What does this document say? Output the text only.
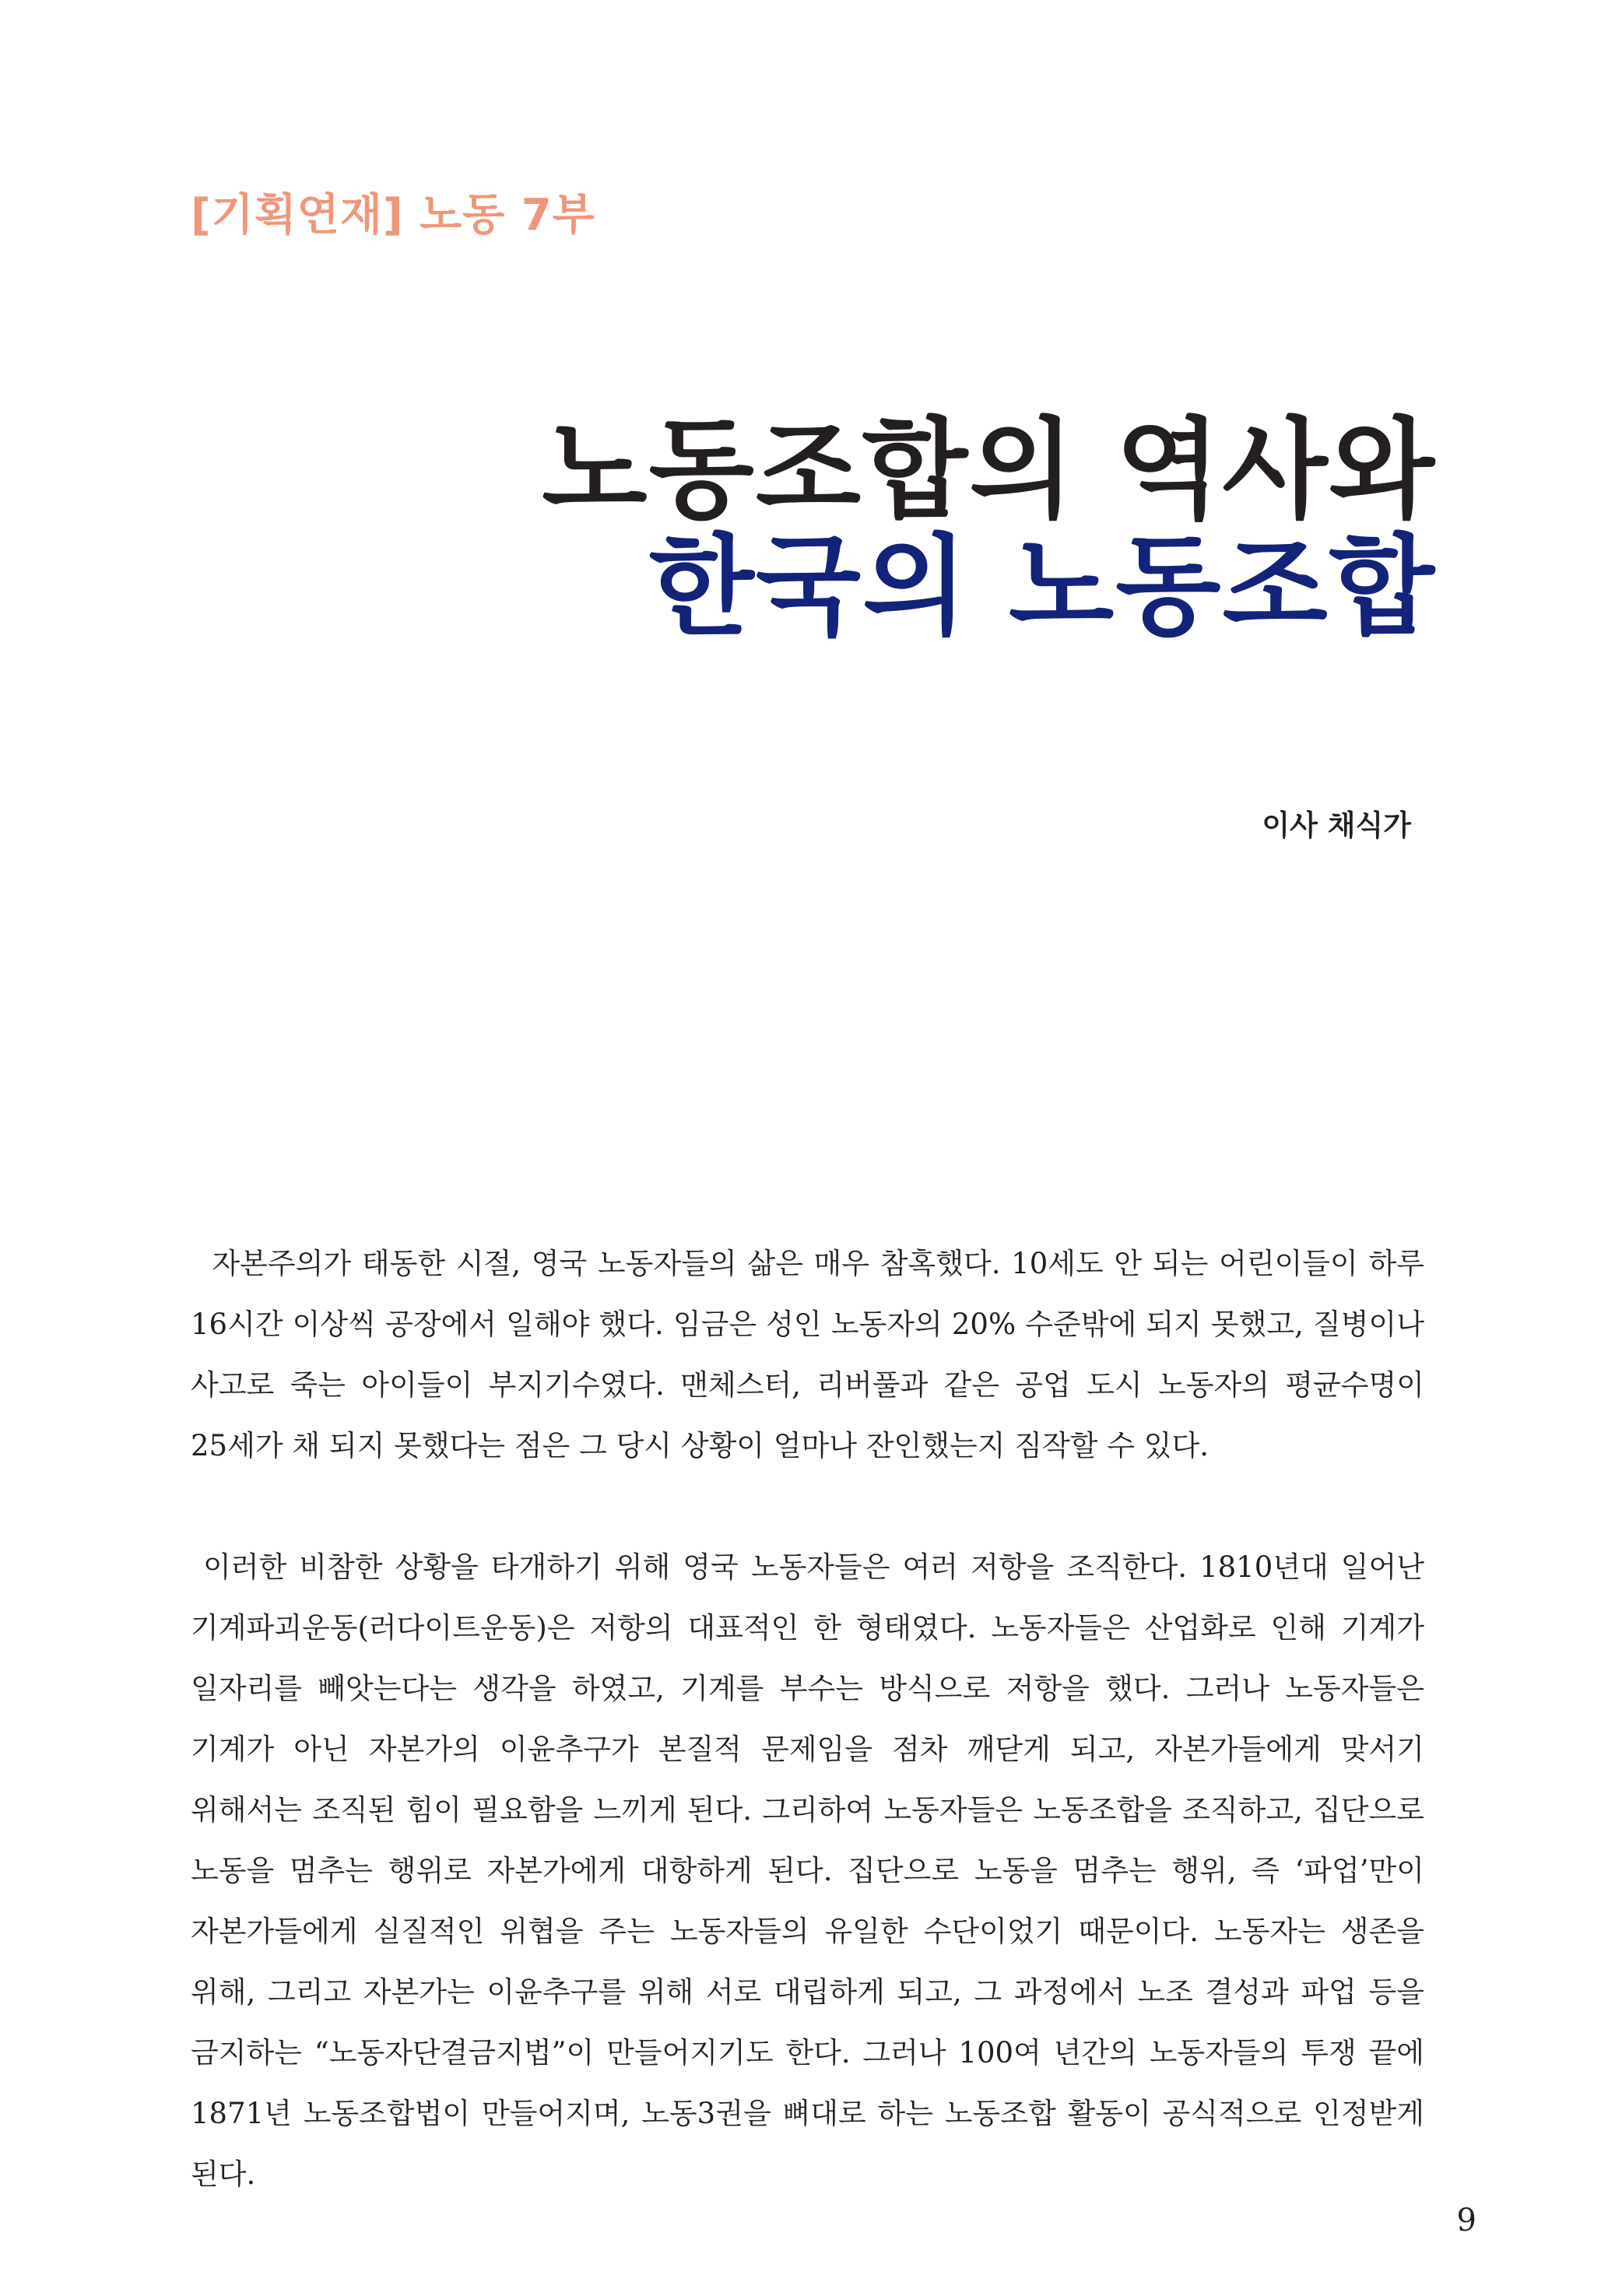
[기획연재] 노동 7부
노동조합의 역사와
한국의 노동조합
이사 채식가

자본주의가 태동한 시절, 영국 노동자들의 삶은 매우 참혹했다. 10세도 안 되는 어린이들이 하루 16시간 이상씩 공장에서 일해야 했다. 임금은 성인 노동자의 20% 수준밖에 되지 못했고, 질병이나 사고로 죽는 아이들이 부지기수였다. 맨체스터, 리버풀과 같은 공업 도시 노동자의 평균수명이 25세가 채 되지 못했다는 점은 그 당시 상황이 얼마나 잔인했는지 짐작할 수 있다.

이러한 비참한 상황을 타개하기 위해 영국 노동자들은 여러 저항을 조직한다. 1810년대 일어난 기계파괴운동(러다이트운동)은 저항의 대표적인 한 형태였다. 노동자들은 산업화로 인해 기계가 일자리를 빼앗는다는 생각을 하였고, 기계를 부수는 방식으로 저항을 했다. 그러나 노동자들은 기계가 아닌 자본가의 이윤추구가 본질적 문제임을 점차 깨닫게 되고, 자본가들에게 맞서기 위해서는 조직된 힘이 필요함을 느끼게 된다. 그리하여 노동자들은 노동조합을 조직하고, 집단으로 노동을 멈추는 행위로 자본가에게 대항하게 된다. 집단으로 노동을 멈추는 행위, 즉 ‘파업’만이 자본가들에게 실질적인 위협을 주는 노동자들의 유일한 수단이었기 때문이다. 노동자는 생존을 위해, 그리고 자본가는 이윤추구를 위해 서로 대립하게 되고, 그 과정에서 노조 결성과 파업 등을 금지하는 “노동자단결금지법”이 만들어지기도 한다. 그러나 100여 년간의 노동자들의 투쟁 끝에 1871년 노동조합법이 만들어지며, 노동3권을 뼈대로 하는 노동조합 활동이 공식적으로 인정받게 된다.

9
